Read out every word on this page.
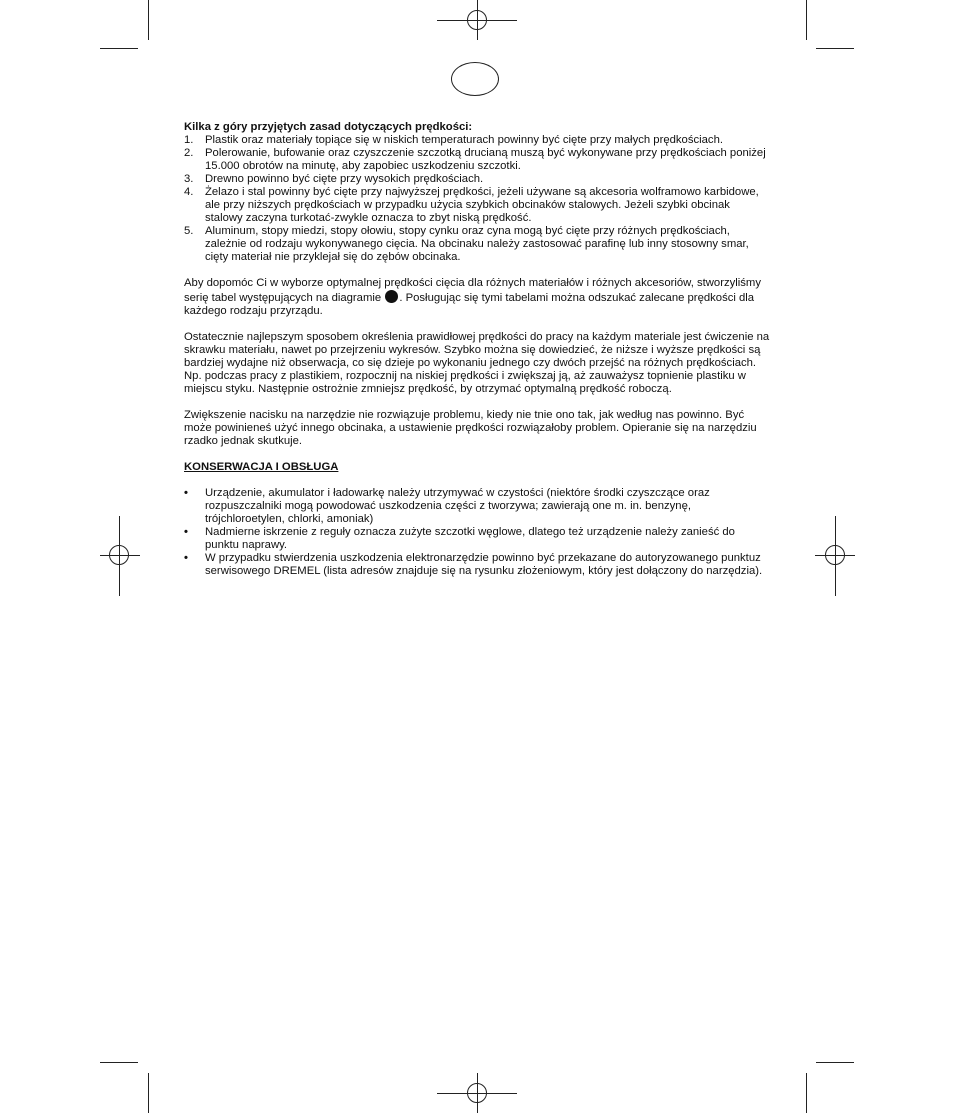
Kilka z góry przyjętych zasad dotyczących prędkości:

1. Plastik oraz materiały topiące się w niskich temperaturach powinny być cięte przy małych prędkościach.
2. Polerowanie, bufowanie oraz czyszczenie szczotką drucianą muszą być wykonywane przy prędkościach poniżej 15.000 obrotów na minutę, aby zapobiec uszkodzeniu szczotki.
3. Drewno powinno być cięte przy wysokich prędkościach.
4. Żelazo i stal powinny być cięte przy najwyższej prędkości, jeżeli używane są akcesoria wolframowo karbidowe, ale przy niższych prędkościach w przypadku użycia szybkich obcinaków stalowych. Jeżeli szybki obcinak stalowy zaczyna turkotać-zwykle oznacza to zbyt niską prędkość.
5. Aluminum, stopy miedzi, stopy ołowiu, stopy cynku oraz cyna mogą być cięte przy różnych prędkościach, zależnie od rodzaju wykonywanego cięcia. Na obcinaku należy zastosować parafinę lub inny stosowny smar, cięty materiał nie przyklejał się do zębów obcinaka.

Aby dopomóc Ci w wyborze optymalnej prędkości cięcia dla różnych materiałów i różnych akcesoriów, stworzyliśmy serię tabel występujących na diagramie . Posługując się tymi tabelami można odszukać zalecane prędkości dla każdego rodzaju przyrządu.

Ostatecznie najlepszym sposobem określenia prawidłowej prędkości do pracy na każdym materiale jest ćwiczenie na skrawku materiału, nawet po przejrzeniu wykresów. Szybko można się dowiedzieć, że niższe i wyższe prędkości są bardziej wydajne niż obserwacja, co się dzieje po wykonaniu jednego czy dwóch przejść na różnych prędkościach. Np. podczas pracy z plastikiem, rozpocznij na niskiej prędkości i zwiększaj ją, aż zauważysz topnienie plastiku w miejscu styku. Następnie ostrożnie zmniejsz prędkość, by otrzymać optymalną prędkość roboczą.

Zwiększenie nacisku na narzędzie nie rozwiązuje problemu, kiedy nie tnie ono tak, jak według nas powinno. Być może powinieneś użyć innego obcinaka, a ustawienie prędkości rozwiązałoby problem. Opieranie się na narzędziu rzadko jednak skutkuje.

KONSERWACJA I OBSŁUGA

• Urządzenie, akumulator i ładowarkę należy utrzymywać w czystości (niektóre środki czyszczące oraz rozpuszczalniki mogą powodować uszkodzenia części z tworzywa; zawierają one m. in. benzynę, trójchloroetylen, chlorki, amoniak)
• Nadmierne iskrzenie z reguły oznacza zużyte szczotki węglowe, dlatego też urządzenie należy zanieść do punktu naprawy.
• W przypadku stwierdzenia uszkodzenia elektronarzędzie powinno być przekazane do autoryzowanego punktuz serwisowego DREMEL (lista adresów znajduje się na rysunku złożeniowym, który jest dołączony do narzędzia).
